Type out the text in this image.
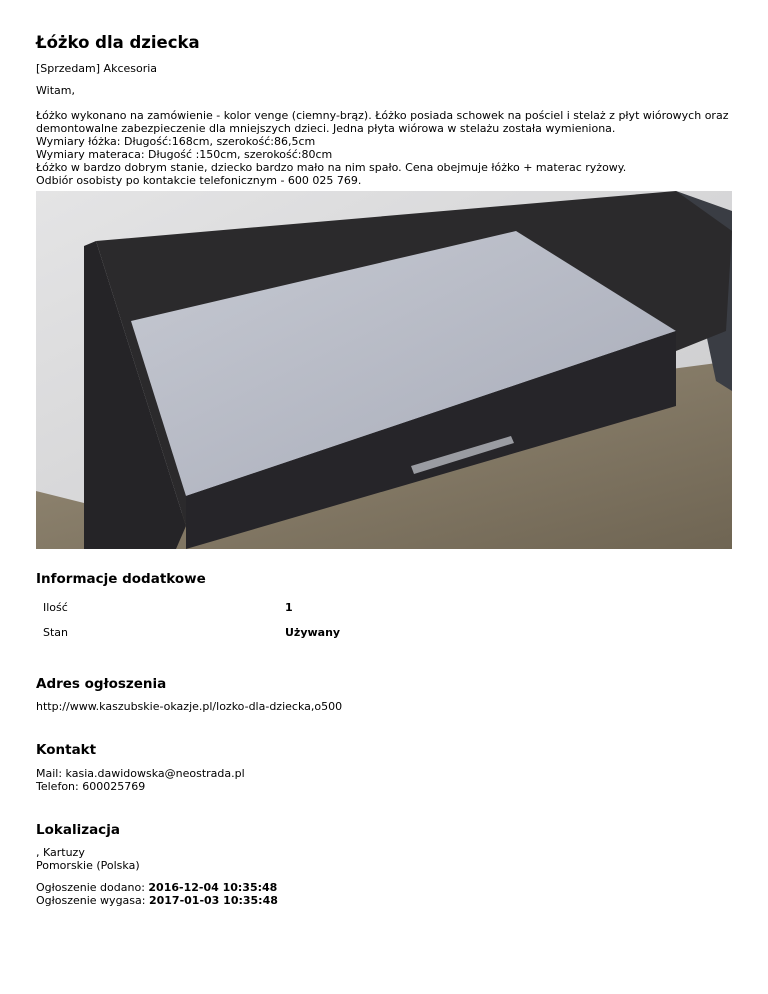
Łóżko dla dziecka
[Sprzedam] Akcesoria
Witam,
Łóżko wykonano na zamówienie - kolor venge (ciemny-brąz). Łóżko posiada schowek na pościel i stelaż z płyt wiórowych oraz
demontowalne zabezpieczenie dla mniejszych dzieci. Jedna płyta wiórowa w stelażu została wymieniona.
Wymiary łóżka: Długość:168cm, szerokość:86,5cm
Wymiary materaca: Długość :150cm, szerokość:80cm
Łóżko w bardzo dobrym stanie, dziecko bardzo mało na nim spało. Cena obejmuje łóżko + materac ryżowy.
Odbiór osobisty po kontakcie telefonicznym - 600 025 769.
Informacje dodatkowe
Ilość	1
Stan	Używany
Adres ogłoszenia
http://www.kaszubskie-okazje.pl/lozko-dla-dziecka,o500
Kontakt
Mail: kasia.dawidowska@neostrada.pl
Telefon: 600025769
Lokalizacja
, Kartuzy
Pomorskie (Polska)
Ogłoszenie dodano: 2016-12-04 10:35:48
Ogłoszenie wygasa: 2017-01-03 10:35:48
